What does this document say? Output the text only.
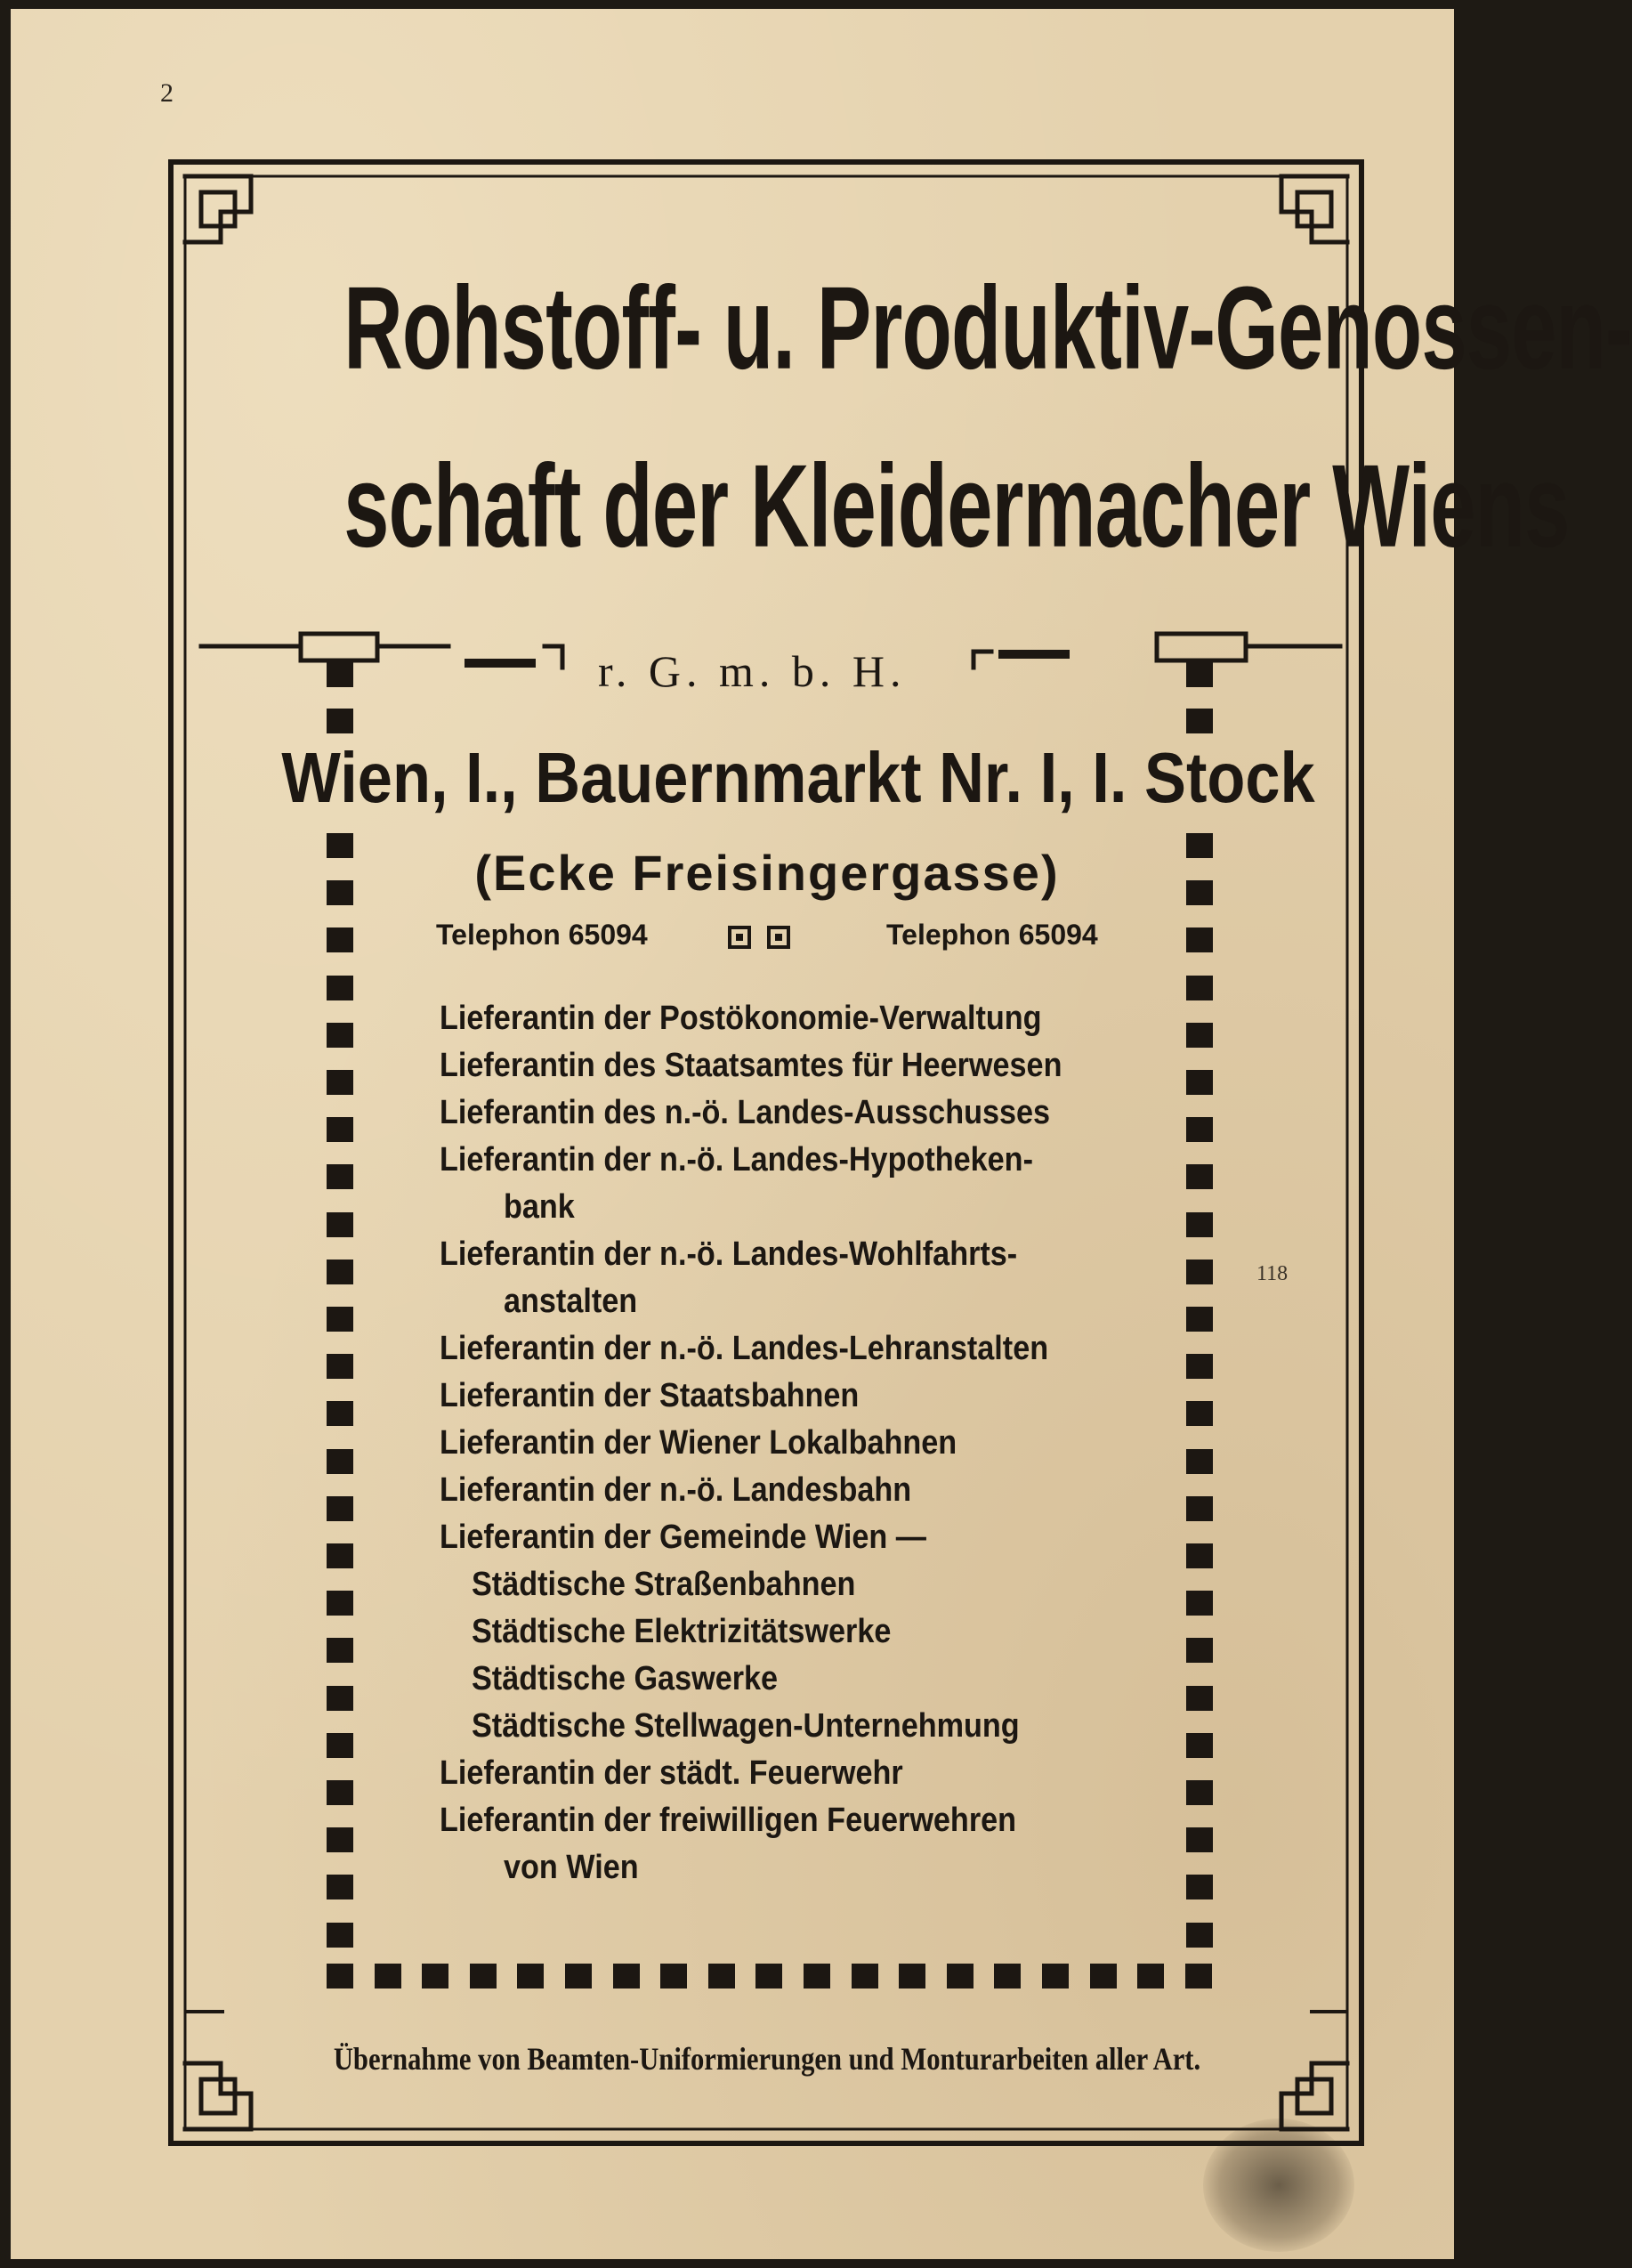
2
118
Rohstoff- u. Produktiv-Genossen-
schaft der Kleidermacher Wiens
r. G. m. b. H.
Wien, I., Bauernmarkt Nr. I, I. Stock
(Ecke Freisingergasse)
Telephon 65094	Telephon 65094
Lieferantin der Postökonomie-Verwaltung
Lieferantin des Staatsamtes für Heerwesen
Lieferantin des n.-ö. Landes-Ausschusses
Lieferantin der n.-ö. Landes-Hypotheken-
bank
Lieferantin der n.-ö. Landes-Wohlfahrts-
anstalten
Lieferantin der n.-ö. Landes-Lehranstalten
Lieferantin der Staatsbahnen
Lieferantin der Wiener Lokalbahnen
Lieferantin der n.-ö. Landesbahn
Lieferantin der Gemeinde Wien —
Städtische Straßenbahnen
Städtische Elektrizitätswerke
Städtische Gaswerke
Städtische Stellwagen-Unternehmung
Lieferantin der städt. Feuerwehr
Lieferantin der freiwilligen Feuerwehren
von Wien
Übernahme von Beamten-Uniformierungen und Monturarbeiten aller Art.
